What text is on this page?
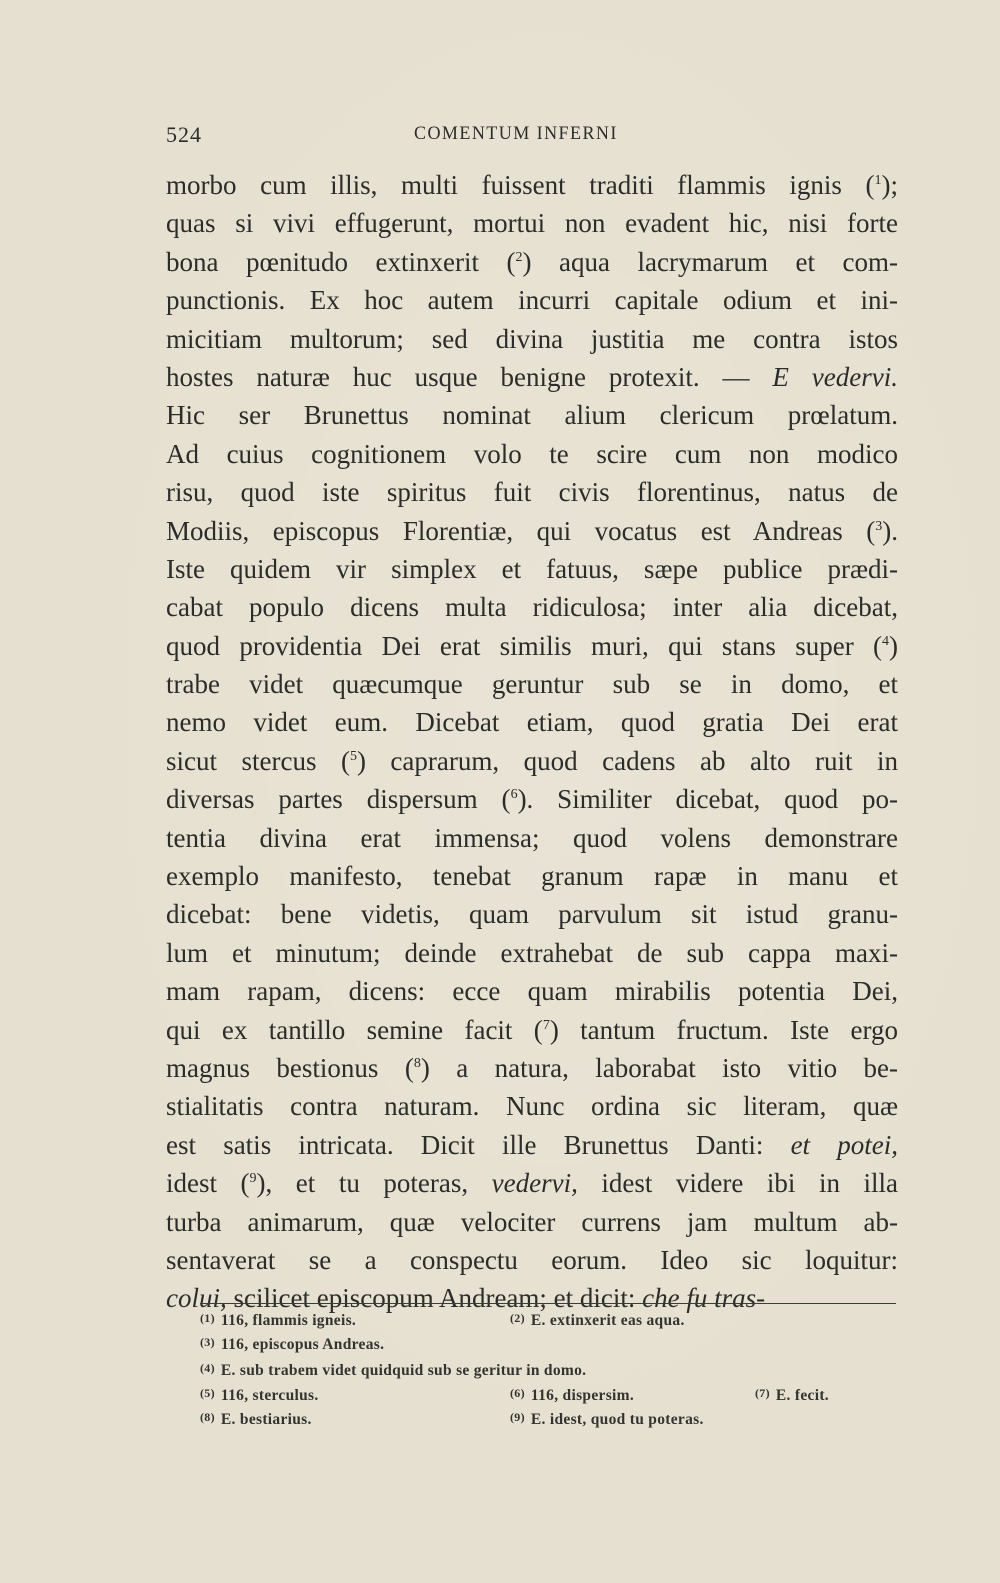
524	COMENTUM INFERNI
morbo cum illis, multi fuissent traditi flammis ignis ($^1$);
quas si vivi effugerunt, mortui non evadent hic, nisi forte
bona pœnitudo extinxerit ($^2$) aqua lacrymarum et com-
punctionis. Ex hoc autem incurri capitale odium et ini-
micitiam multorum; sed divina justitia me contra istos
hostes naturæ huc usque benigne protexit. — E vedervi.
Hic ser Brunettus nominat alium clericum prœlatum.
Ad cuius cognitionem volo te scire cum non modico
risu, quod iste spiritus fuit civis florentinus, natus de
Modiis, episcopus Florentiæ, qui vocatus est Andreas ($^3$).
Iste quidem vir simplex et fatuus, sæpe publice prædi-
cabat populo dicens multa ridiculosa; inter alia dicebat,
quod providentia Dei erat similis muri, qui stans super ($^4$)
trabe videt quæcumque geruntur sub se in domo, et
nemo videt eum. Dicebat etiam, quod gratia Dei erat
sicut stercus ($^5$) caprarum, quod cadens ab alto ruit in
diversas partes dispersum ($^6$). Similiter dicebat, quod po-
tentia divina erat immensa; quod volens demonstrare
exemplo manifesto, tenebat granum rapæ in manu et
dicebat: bene videtis, quam parvulum sit istud granu-
lum et minutum; deinde extrahebat de sub cappa maxi-
mam rapam, dicens: ecce quam mirabilis potentia Dei,
qui ex tantillo semine facit ($^7$) tantum fructum. Iste ergo
magnus bestionus ($^8$) a natura, laborabat isto vitio be-
stialitatis contra naturam. Nunc ordina sic literam, quæ
est satis intricata. Dicit ille Brunettus Danti: et potei,
idest ($^9$), et tu poteras, vedervi, idest videre ibi in illa
turba animarum, quæ velociter currens jam multum ab-
sentaverat se a conspectu eorum. Ideo sic loquitur:
colui, scilicet episcopum Andream; et dicit: che fu tras-
(1) 116, flammis igneis.	(2) E. extinxerit eas aqua.
(3) 116, episcopus Andreas.
(4) E. sub trabem videt quidquid sub se geritur in domo.
(5) 116, sterculus.	(6) 116, dispersim.	(7) E. fecit.
(8) E. bestiarius.	(9) E. idest, quod tu poteras.
